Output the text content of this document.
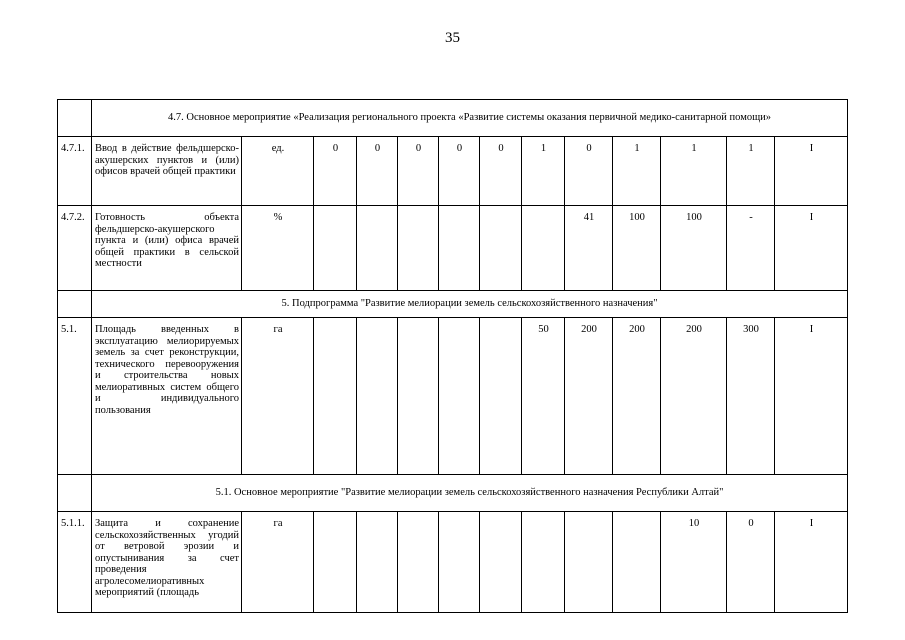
35
	4.7. Основное мероприятие «Реализация регионального проекта «Развитие системы оказания первичной медико-санитарной помощи»												
4.7.1.	Ввод в действие фельдшерско-акушерских пунктов и (или) офисов врачей общей практики	ед.	0	0	0	0	0	1	0	1	1	1	I
4.7.2.	Готовность объекта фельдшерско-акушерского пункта и (или) офиса врачей общей практики в сельской местности	%							41	100	100	-	I
	5. Подпрограмма "Развитие мелиорации земель сельскохозяйственного назначения"												
5.1.	Площадь введенных в эксплуатацию мелиорируемых земель за счет реконструкции, технического перевооружения и строительства новых мелиоративных систем общего и индивидуального пользования	га						50	200	200	200	300	I
	5.1. Основное мероприятие "Развитие мелиорации земель сельскохозяйственного назначения Республики Алтай"												
5.1.1.	Защита и сохранение сельскохозяйственных угодий от ветровой эрозии и опустынивания за счет проведения агролесомелиоративных мероприятий (площадь	га									10	0	I
